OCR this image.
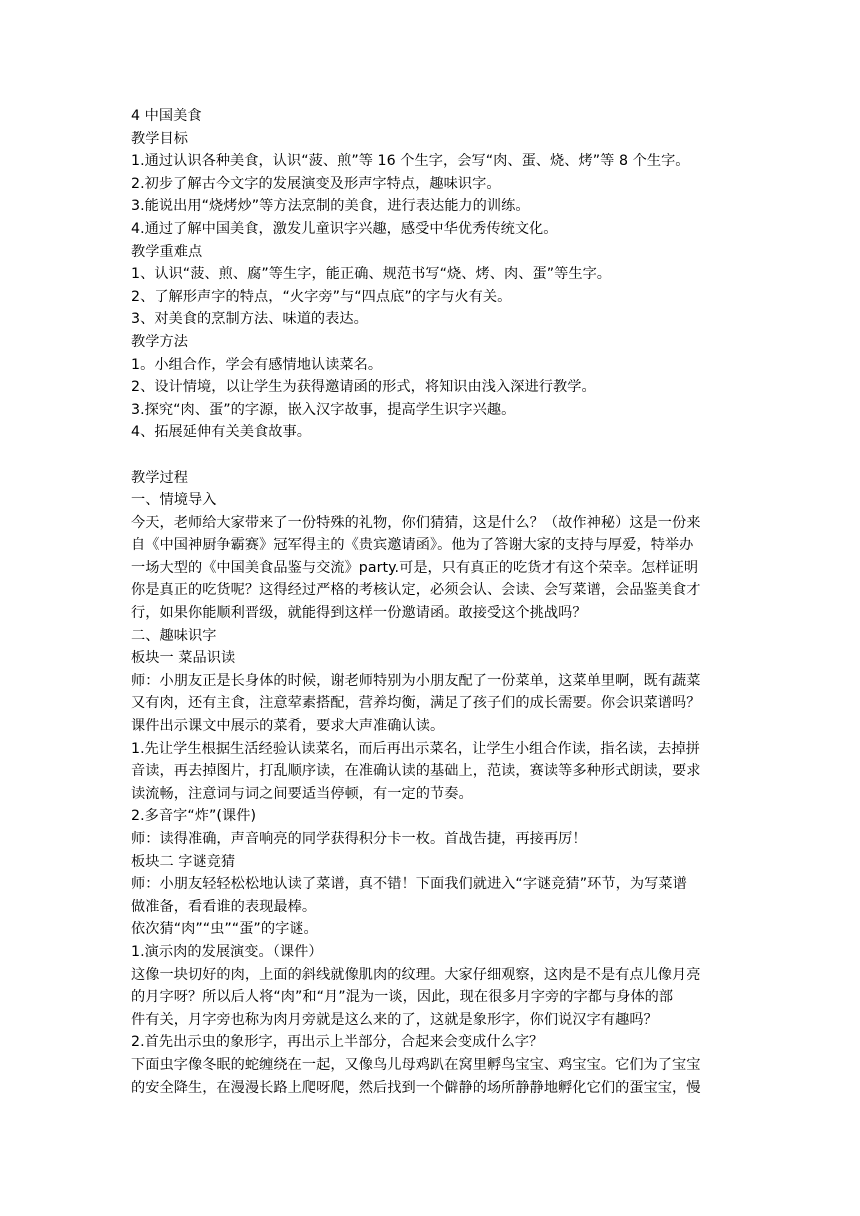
4 中国美食
教学目标
1.通过认识各种美食，认识“菠、煎”等 16 个生字，会写“肉、蛋、烧、烤”等 8 个生字。
2.初步了解古今文字的发展演变及形声字特点，趣味识字。
3.能说出用“烧烤炒”等方法烹制的美食，进行表达能力的训练。
4.通过了解中国美食，激发儿童识字兴趣，感受中华优秀传统文化。
教学重难点
1、认识“菠、煎、腐”等生字，能正确、规范书写“烧、烤、肉、蛋”等生字。
2、了解形声字的特点，“火字旁”与“四点底”的字与火有关。
3、对美食的烹制方法、味道的表达。
教学方法
1。小组合作，学会有感情地认读菜名。
2、设计情境，以让学生为获得邀请函的形式，将知识由浅入深进行教学。
3.探究“肉、蛋”的字源，嵌入汉字故事，提高学生识字兴趣。
4、拓展延伸有关美食故事。
教学过程
一、情境导入
今天，老师给大家带来了一份特殊的礼物，你们猜猜，这是什么？（故作神秘）这是一份来
自《中国神厨争霸赛》冠军得主的《贵宾邀请函》。他为了答谢大家的支持与厚爱，特举办
一场大型的《中国美食品鉴与交流》party.可是，只有真正的吃货才有这个荣幸。怎样证明
你是真正的吃货呢？这得经过严格的考核认定，必须会认、会读、会写菜谱，会品鉴美食才
行，如果你能顺利晋级，就能得到这样一份邀请函。敢接受这个挑战吗？
二、趣味识字
板块一 菜品识读
师：小朋友正是长身体的时候，谢老师特别为小朋友配了一份菜单，这菜单里啊，既有蔬菜
又有肉，还有主食，注意荤素搭配，营养均衡，满足了孩子们的成长需要。你会识菜谱吗？
课件出示课文中展示的菜肴，要求大声准确认读。
1.先让学生根据生活经验认读菜名，而后再出示菜名，让学生小组合作读，指名读，去掉拼
音读，再去掉图片，打乱顺序读，在准确认读的基础上，范读，赛读等多种形式朗读，要求
读流畅，注意词与词之间要适当停顿，有一定的节奏。
2.多音字“炸”(课件)
师：读得准确，声音响亮的同学获得积分卡一枚。首战告捷，再接再厉！
板块二 字谜竞猜
师：小朋友轻轻松松地认读了菜谱，真不错！下面我们就进入“字谜竞猜”环节，为写菜谱
做准备，看看谁的表现最棒。
依次猜“肉”“虫”“蛋”的字谜。
1.演示肉的发展演变。（课件）
这像一块切好的肉，上面的斜线就像肌肉的纹理。大家仔细观察，这肉是不是有点儿像月亮
的月字呀？所以后人将“肉”和“月”混为一谈，因此，现在很多月字旁的字都与身体的部
件有关，月字旁也称为肉月旁就是这么来的了，这就是象形字，你们说汉字有趣吗？
2.首先出示虫的象形字，再出示上半部分，合起来会变成什么字？
下面虫字像冬眠的蛇缠绕在一起，又像鸟儿母鸡趴在窝里孵鸟宝宝、鸡宝宝。它们为了宝宝
的安全降生，在漫漫长路上爬呀爬，然后找到一个僻静的场所静静地孵化它们的蛋宝宝，慢
